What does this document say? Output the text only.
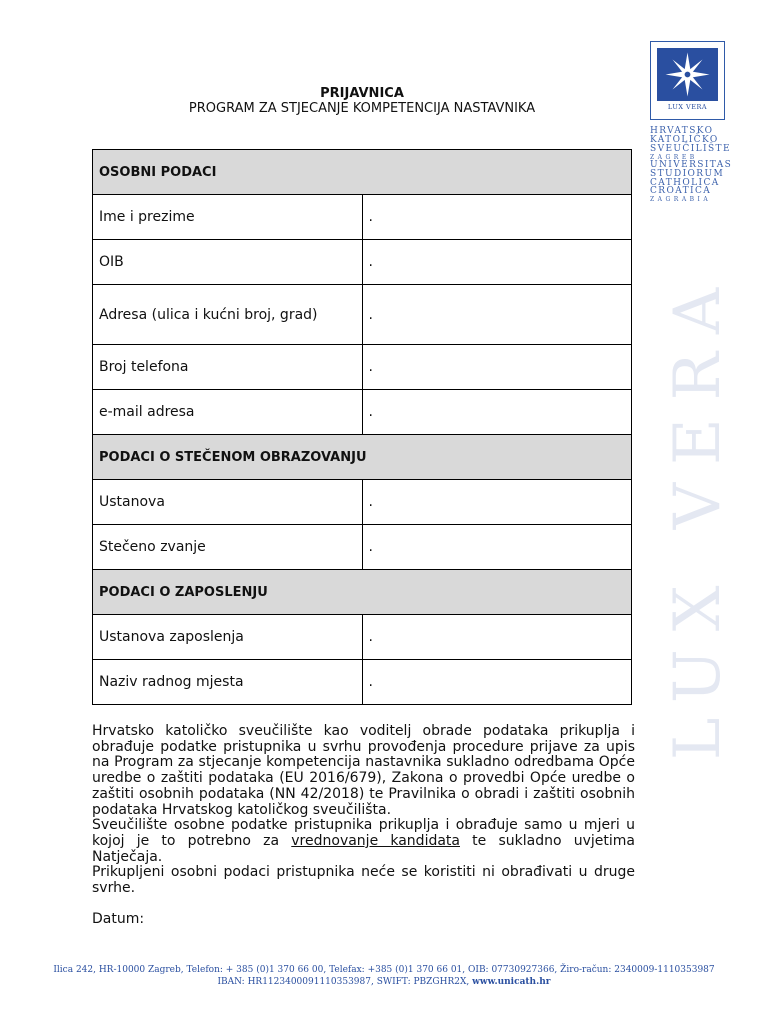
PRIJAVNICA
PROGRAM ZA STJECANJE KOMPETENCIJA NASTAVNIKA	LUX VERA
HRVATSKO
KATOLIČKO
SVEUČILIŠTE
ZAGREB
UNIVERSITAS
STUDIORUM
CATHOLICA
CROATICA
ZAGRABIA
LUX VERA
OSOBNI PODACI	
Ime i prezime	.
OIB	.
Adresa (ulica i kućni broj, grad)	.
Broj telefona	.
e-mail adresa	.
PODACI O STEČENOM OBRAZOVANJU	
Ustanova	.
Stečeno zvanje	.
PODACI O ZAPOSLENJU	
Ustanova zaposlenja	.
Naziv radnog mjesta	.

Hrvatsko katoličko sveučilište kao voditelj obrade podataka prikuplja i obrađuje podatke pristupnika u svrhu provođenja procedure prijave za upis na Program za stjecanje kompetencija nastavnika sukladno odredbama Opće uredbe o zaštiti podataka (EU 2016/679), Zakona o provedbi Opće uredbe o zaštiti osobnih podataka (NN 42/2018) te Pravilnika o obradi i zaštiti osobnih podataka Hrvatskog katoličkog sveučilišta.

Sveučilište osobne podatke pristupnika prikuplja i obrađuje samo u mjeri u kojoj je to potrebno za vrednovanje kandidata te sukladno uvjetima Natječaja.

Prikupljeni osobni podaci pristupnika neće se koristiti ni obrađivati u druge svrhe.

Datum:
Ilica 242, HR-10000 Zagreb, Telefon: + 385 (0)1 370 66 00, Telefax: +385 (0)1 370 66 01, OIB: 07730927366, Žiro-račun: 2340009-1110353987
IBAN: HR1123400091110353987, SWIFT: PBZGHR2X, www.unicath.hr
